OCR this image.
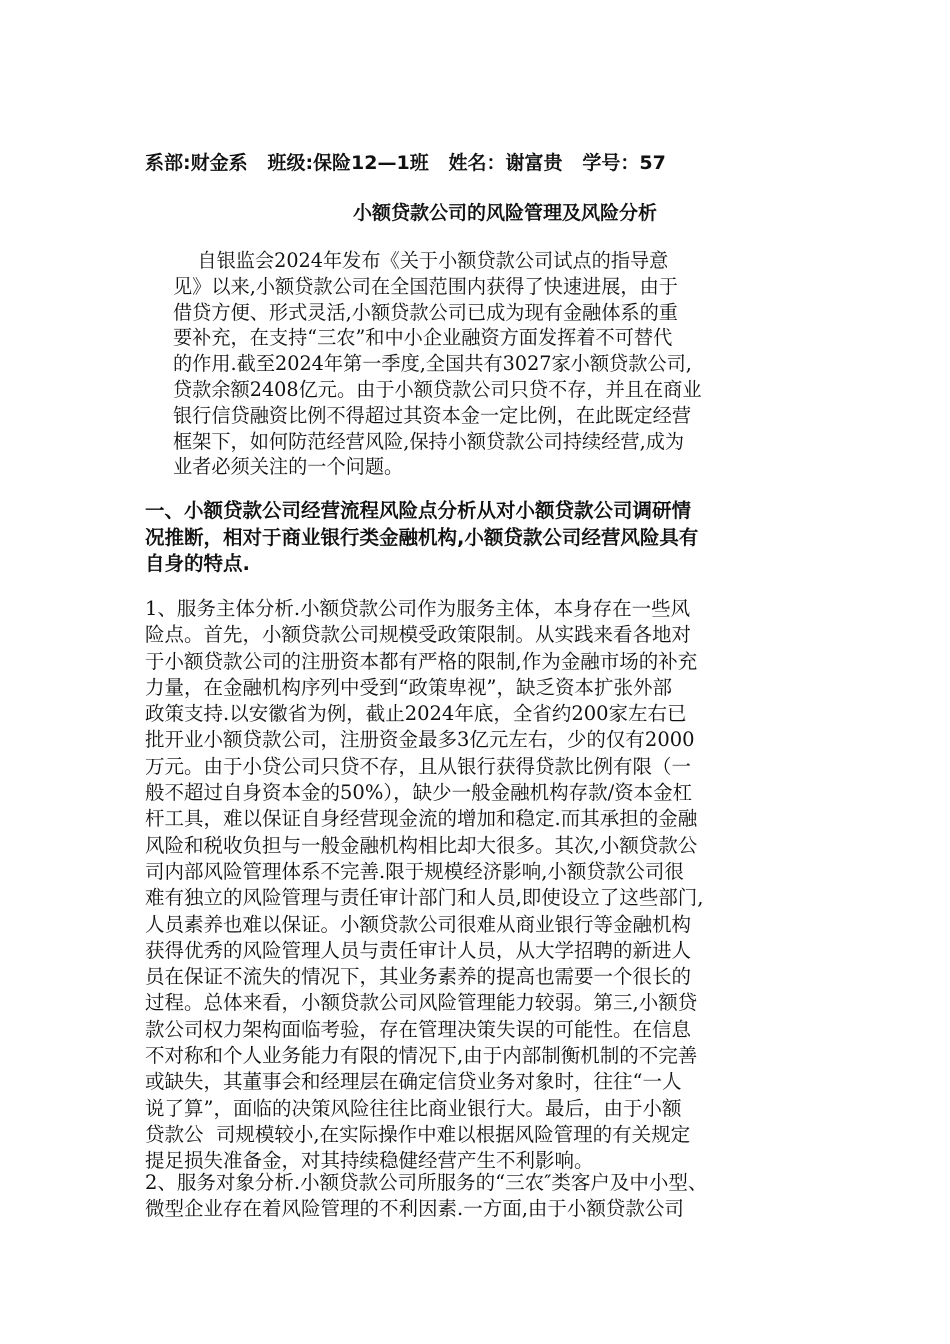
系部:财金系   班级:保险12—1班   姓名：谢富贵   学号：57
小额贷款公司的风险管理及风险分析
自银监会2024年发布《关于小额贷款公司试点的指导意
见》以来,小额贷款公司在全国范围内获得了快速进展，由于
借贷方便、形式灵活,小额贷款公司已成为现有金融体系的重
要补充，在支持“三农”和中小企业融资方面发挥着不可替代
的作用.截至2024年第一季度,全国共有3027家小额贷款公司,
贷款余额2408亿元。由于小额贷款公司只贷不存，并且在商业
银行信贷融资比例不得超过其资本金一定比例，在此既定经营
框架下，如何防范经营风险,保持小额贷款公司持续经营,成为
业者必须关注的一个问题。
一、小额贷款公司经营流程风险点分析从对小额贷款公司调研情
况推断，相对于商业银行类金融机构,小额贷款公司经营风险具有
自身的特点.
1、服务主体分析.小额贷款公司作为服务主体，本身存在一些风
险点。首先，小额贷款公司规模受政策限制。从实践来看各地对
于小额贷款公司的注册资本都有严格的限制,作为金融市场的补充
力量，在金融机构序列中受到“政策卑视”，缺乏资本扩张外部
政策支持.以安徽省为例，截止2024年底，全省约200家左右已
批开业小额贷款公司，注册资金最多3亿元左右，少的仅有2000
万元。由于小贷公司只贷不存，且从银行获得贷款比例有限（一
般不超过自身资本金的50%），缺少一般金融机构存款/资本金杠
杆工具，难以保证自身经营现金流的增加和稳定.而其承担的金融
风险和税收负担与一般金融机构相比却大很多。其次,小额贷款公
司内部风险管理体系不完善.限于规模经济影响,小额贷款公司很
难有独立的风险管理与责任审计部门和人员,即使设立了这些部门,
人员素养也难以保证。小额贷款公司很难从商业银行等金融机构
获得优秀的风险管理人员与责任审计人员，从大学招聘的新进人
员在保证不流失的情况下，其业务素养的提高也需要一个很长的
过程。总体来看，小额贷款公司风险管理能力较弱。第三,小额贷
款公司权力架构面临考验，存在管理决策失误的可能性。在信息
不对称和个人业务能力有限的情况下,由于内部制衡机制的不完善
或缺失，其董事会和经理层在确定信贷业务对象时，往往“一人
说了算”，面临的决策风险往往比商业银行大。最后，由于小额
贷款公  司规模较小,在实际操作中难以根据风险管理的有关规定
提足损失准备金，对其持续稳健经营产生不利影响。
2、服务对象分析.小额贷款公司所服务的“三农″类客户及中小型、
微型企业存在着风险管理的不利因素.一方面,由于小额贷款公司
